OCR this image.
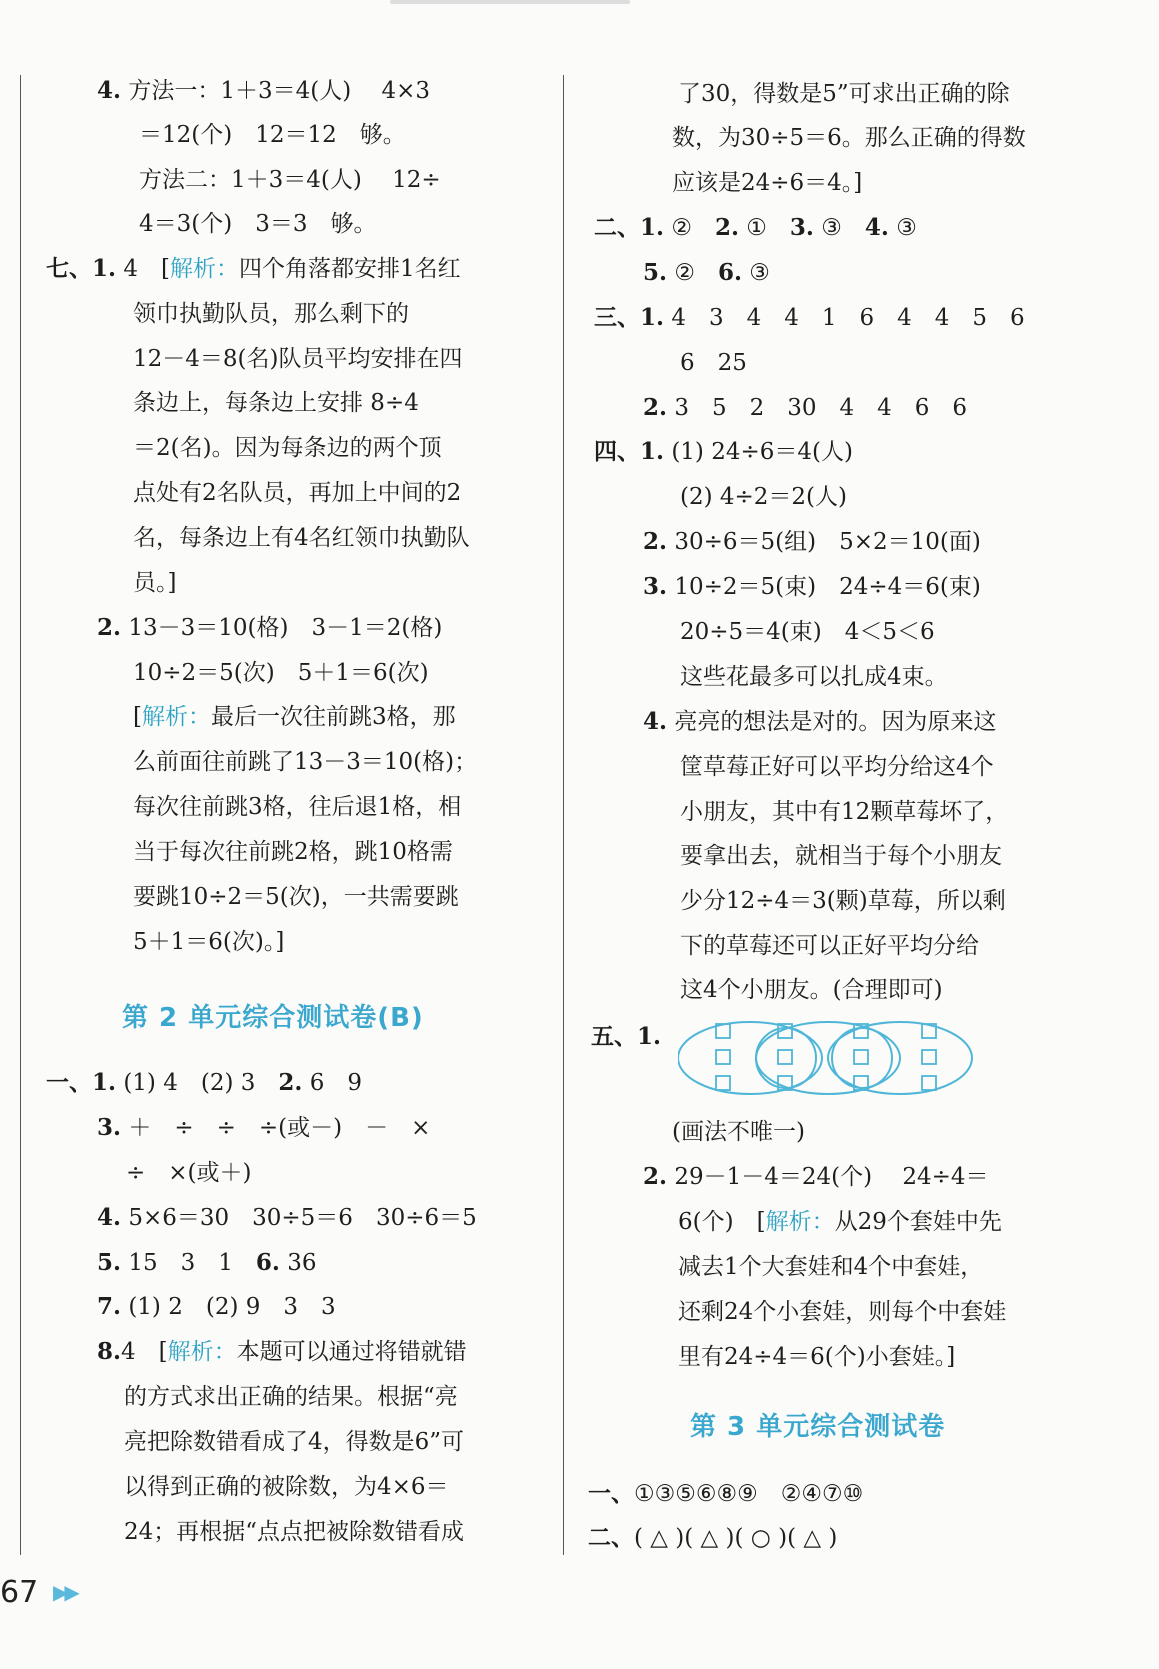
4. 方法一：1＋3＝4(人)　 4×3
＝12(个)　12＝12　够。
方法二：1＋3＝4(人)　 12÷
4＝3(个)　3＝3　够。
七、1. 4　[解析：四个角落都安排1名红
领巾执勤队员，那么剩下的
12－4＝8(名)队员平均安排在四
条边上，每条边上安排 8÷4
＝2(名)。因为每条边的两个顶
点处有2名队员，再加上中间的2
名，每条边上有4名红领巾执勤队
员。]
2. 13－3＝10(格)　3－1＝2(格)
10÷2＝5(次)　5＋1＝6(次)
[解析：最后一次往前跳3格，那
么前面往前跳了13－3＝10(格)；
每次往前跳3格，往后退1格，相
当于每次往前跳2格，跳10格需
要跳10÷2＝5(次)，一共需要跳
5＋1＝6(次)。]
第 2 单元综合测试卷(B)
一、1. (1) 4　(2) 3　 2. 6　9
3. ＋　÷　÷　÷(或－)　－　×
÷　×(或＋)
4. 5×6＝30　30÷5＝6　30÷6＝5
5. 15　3　1　 6. 36
7. (1) 2　(2) 9　3　3
8.4　[解析：本题可以通过将错就错
的方式求出正确的结果。根据“亮
亮把除数错看成了4，得数是6”可
以得到正确的被除数，为4×6＝
24；再根据“点点把被除数错看成
了30，得数是5”可求出正确的除
数，为30÷5＝6。那么正确的得数
应该是24÷6＝4。]
二、1. ②　 2. ①　 3. ③　 4. ③
5. ②　 6. ③
三、1. 4　3　4　4　1　6　4　4　5　6
6　25
2. 3　5　2　30　4　4　6　6
四、1. (1) 24÷6＝4(人)
(2) 4÷2＝2(人)
2. 30÷6＝5(组)　5×2＝10(面)
3. 10÷2＝5(束)　24÷4＝6(束)
20÷5＝4(束)　4＜5＜6
这些花最多可以扎成4束。
4. 亮亮的想法是对的。因为原来这
筐草莓正好可以平均分给这4个
小朋友，其中有12颗草莓坏了，
要拿出去，就相当于每个小朋友
少分12÷4＝3(颗)草莓，所以剩
下的草莓还可以正好平均分给
这4个小朋友。(合理即可)
五、1.
(画法不唯一)
2. 29－1－4＝24(个)　 24÷4＝
6(个)　[解析：从29个套娃中先
减去1个大套娃和4个中套娃，
还剩24个小套娃，则每个中套娃
里有24÷4＝6(个)小套娃。]
第 3 单元综合测试卷
一、①③⑤⑥⑧⑨　②④⑦⑩
二、( △ )( △ )( ○ )( △ )
67 ▶▶
